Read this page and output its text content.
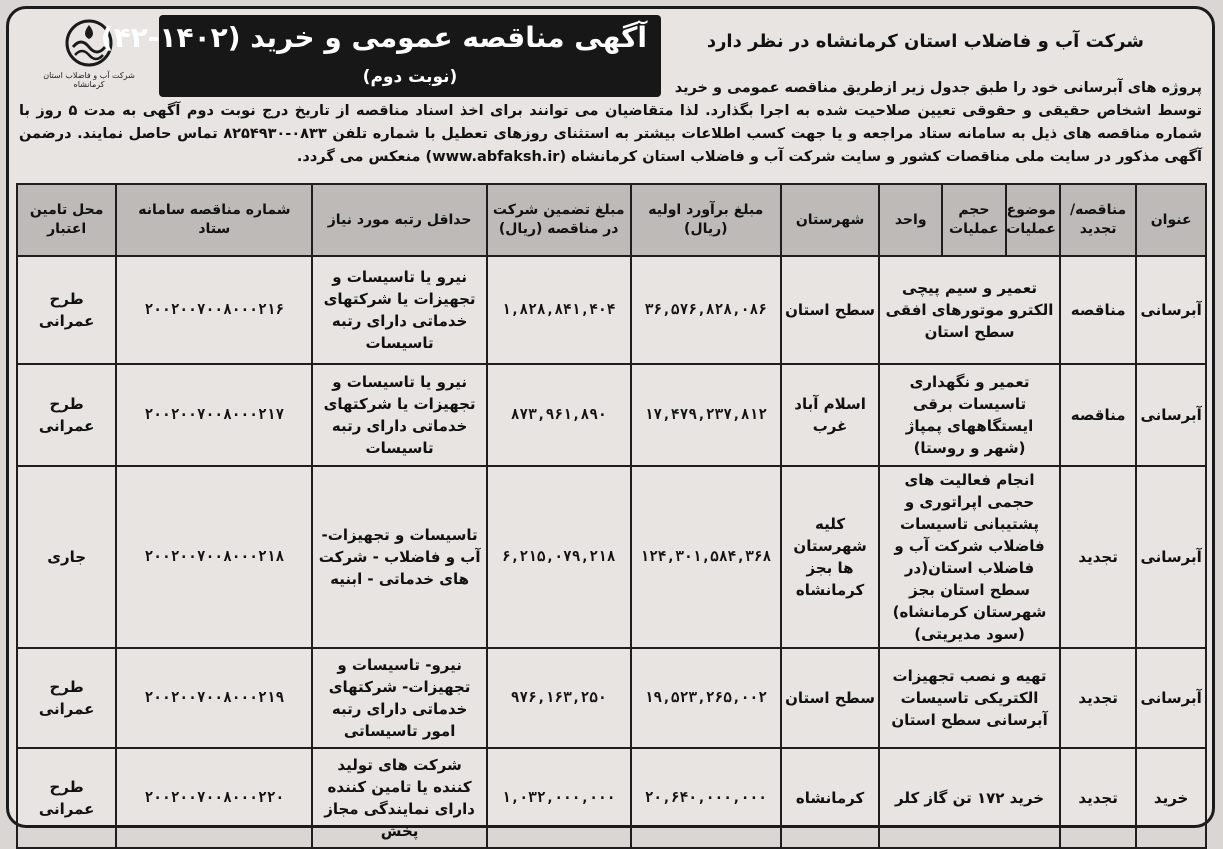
شرکت آب و فاضلاب استان کرمانشاه
آگهی مناقصه عمومی و خرید (۱۴۰۲-۴۲)
(نوبت دوم)
شرکت آب و فاضلاب استان کرمانشاه در نظر دارد
پروژه های آبرسانی خود را طبق جدول زیر ازطریق مناقصه عمومی و خرید
توسط اشخاص حقیقی و حقوقی تعیین صلاحیت شده به اجرا بگذارد. لذا متقاضیان می توانند برای اخذ اسناد مناقصه از تاریخ درج نوبت دوم آگهی به مدت ۵ روز با شماره مناقصه های ذیل به سامانه ستاد مراجعه و یا جهت کسب اطلاعات بیشتر به استثنای روزهای تعطیل با شماره تلفن ۰۸۳۳-۸۲۵۴۹۳۰ تماس حاصل نمایند. درضمن آگهی مذکور در سایت ملی مناقصات کشور و سایت شرکت آب و فاضلاب استان کرمانشاه (www.abfaksh.ir) منعکس می گردد.
عنوان	مناقصه/ تجدید	موضوع عملیات	حجم عملیات	واحد	شهرستان	مبلغ برآورد اولیه (ریال)	مبلغ تضمین شرکت در مناقصه (ریال)	حداقل رتبه مورد نیاز	شماره مناقصه سامانه ستاد	محل تامین اعتبار
آبرسانی	مناقصه	تعمیر و سیم پیچی الکترو موتورهای افقی سطح استان			سطح استان	۳۶,۵۷۶,۸۲۸,۰۸۶	۱,۸۲۸,۸۴۱,۴۰۴	نیرو یا تاسیسات و تجهیزات یا شرکتهای خدماتی دارای رتبه تاسیسات	۲۰۰۲۰۰۷۰۰۸۰۰۰۲۱۶	طرح عمرانی
آبرسانی	مناقصه	تعمیر و نگهداری تاسیسات برقی ایستگاههای پمپاژ (شهر و روستا)			اسلام آباد غرب	۱۷,۴۷۹,۲۳۷,۸۱۲	۸۷۳,۹۶۱,۸۹۰	نیرو یا تاسیسات و تجهیزات یا شرکتهای خدماتی دارای رتبه تاسیسات	۲۰۰۲۰۰۷۰۰۸۰۰۰۲۱۷	طرح عمرانی
آبرسانی	تجدید	انجام فعالیت های حجمی اپراتوری و پشتیبانی تاسیسات فاضلاب شرکت آب و فاضلاب استان(در سطح استان بجز شهرستان کرمانشاه) (سود مدیریتی)			کلیه شهرستان ها بجز کرمانشاه	۱۲۴,۳۰۱,۵۸۴,۳۶۸	۶,۲۱۵,۰۷۹,۲۱۸	تاسیسات و تجهیزات- آب و فاضلاب - شرکت های خدماتی - ابنیه	۲۰۰۲۰۰۷۰۰۸۰۰۰۲۱۸	جاری
آبرسانی	تجدید	تهیه و نصب تجهیزات الکتریکی تاسیسات آبرسانی سطح استان			سطح استان	۱۹,۵۲۳,۲۶۵,۰۰۲	۹۷۶,۱۶۳,۲۵۰	نیرو- تاسیسات و تجهیزات- شرکتهای خدماتی دارای رتبه امور تاسیساتی	۲۰۰۲۰۰۷۰۰۸۰۰۰۲۱۹	طرح عمرانی
خرید	تجدید	خرید ۱۷۲ تن گاز کلر			کرمانشاه	۲۰,۶۴۰,۰۰۰,۰۰۰	۱,۰۳۲,۰۰۰,۰۰۰	شرکت های تولید کننده یا تامین کننده دارای نمایندگی مجاز پخش	۲۰۰۲۰۰۷۰۰۸۰۰۰۲۲۰	طرح عمرانی
